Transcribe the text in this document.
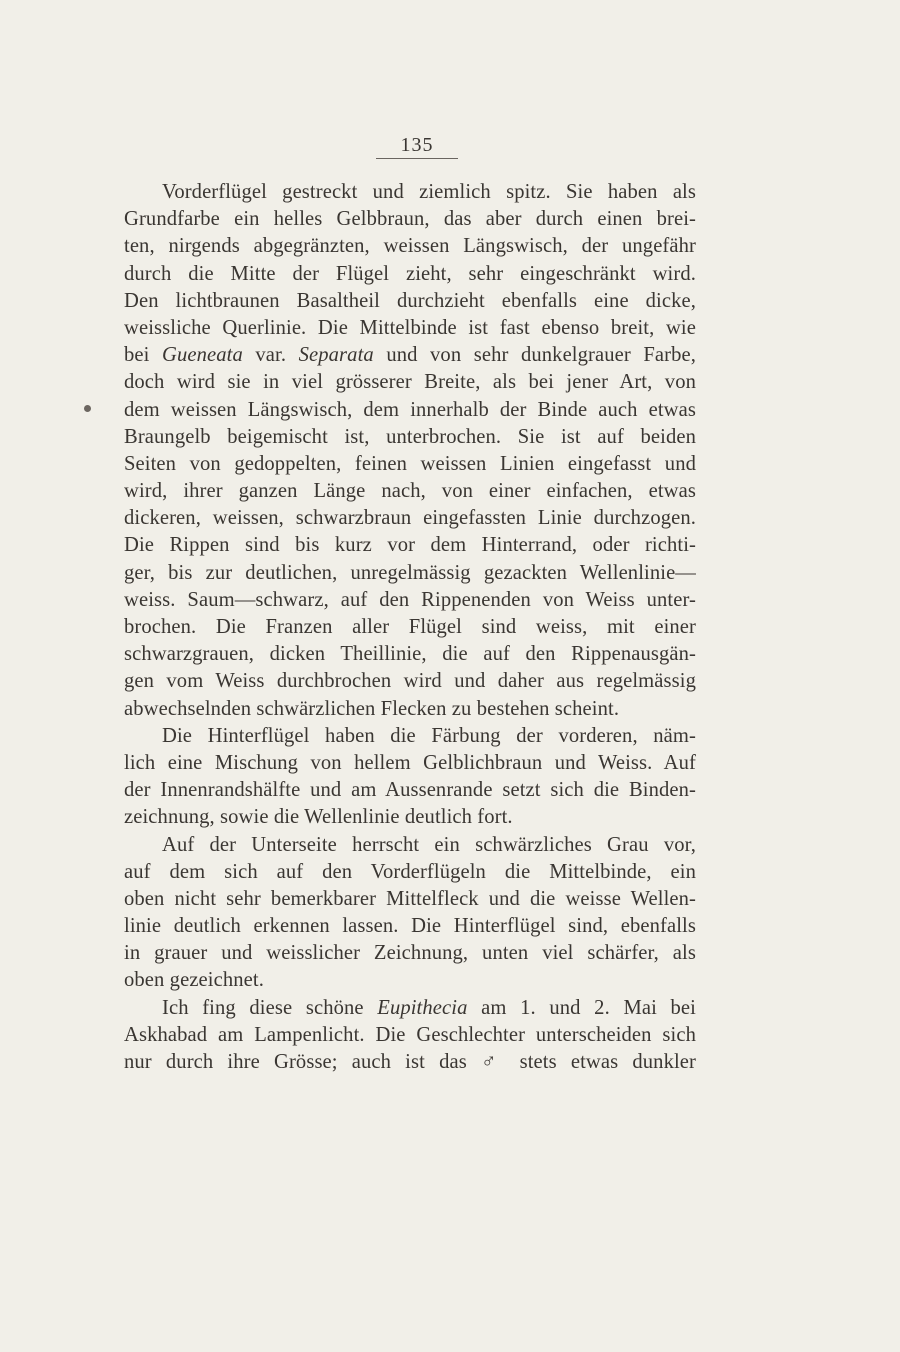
135
Vorderflügel gestreckt und ziemlich spitz. Sie haben als
Grundfarbe ein helles Gelbbraun, das aber durch einen brei-
ten, nirgends abgegränzten, weissen Längswisch, der ungefähr
durch die Mitte der Flügel zieht, sehr eingeschränkt wird.
Den lichtbraunen Basaltheil durchzieht ebenfalls eine dicke,
weissliche Querlinie. Die Mittelbinde ist fast ebenso breit, wie
bei Gueneata var. Separata und von sehr dunkelgrauer Farbe,
doch wird sie in viel grösserer Breite, als bei jener Art, von
dem weissen Längswisch, dem innerhalb der Binde auch etwas
Braungelb beigemischt ist, unterbrochen. Sie ist auf beiden
Seiten von gedoppelten, feinen weissen Linien eingefasst und
wird, ihrer ganzen Länge nach, von einer einfachen, etwas
dickeren, weissen, schwarzbraun eingefassten Linie durchzogen.
Die Rippen sind bis kurz vor dem Hinterrand, oder richti-
ger, bis zur deutlichen, unregelmässig gezackten Wellenlinie—
weiss. Saum—schwarz, auf den Rippenenden von Weiss unter-
brochen. Die Franzen aller Flügel sind weiss, mit einer
schwarzgrauen, dicken Theillinie, die auf den Rippenausgän-
gen vom Weiss durchbrochen wird und daher aus regelmässig
abwechselnden schwärzlichen Flecken zu bestehen scheint.
Die Hinterflügel haben die Färbung der vorderen, näm-
lich eine Mischung von hellem Gelblichbraun und Weiss. Auf
der Innenrandshälfte und am Aussenrande setzt sich die Binden-
zeichnung, sowie die Wellenlinie deutlich fort.
Auf der Unterseite herrscht ein schwärzliches Grau vor,
auf dem sich auf den Vorderflügeln die Mittelbinde, ein
oben nicht sehr bemerkbarer Mittelfleck und die weisse Wellen-
linie deutlich erkennen lassen. Die Hinterflügel sind, ebenfalls
in grauer und weisslicher Zeichnung, unten viel schärfer, als
oben gezeichnet.
Ich fing diese schöne Eupithecia am 1. und 2. Mai bei
Askhabad am Lampenlicht. Die Geschlechter unterscheiden sich
nur durch ihre Grösse; auch ist das ♂ stets etwas dunkler
